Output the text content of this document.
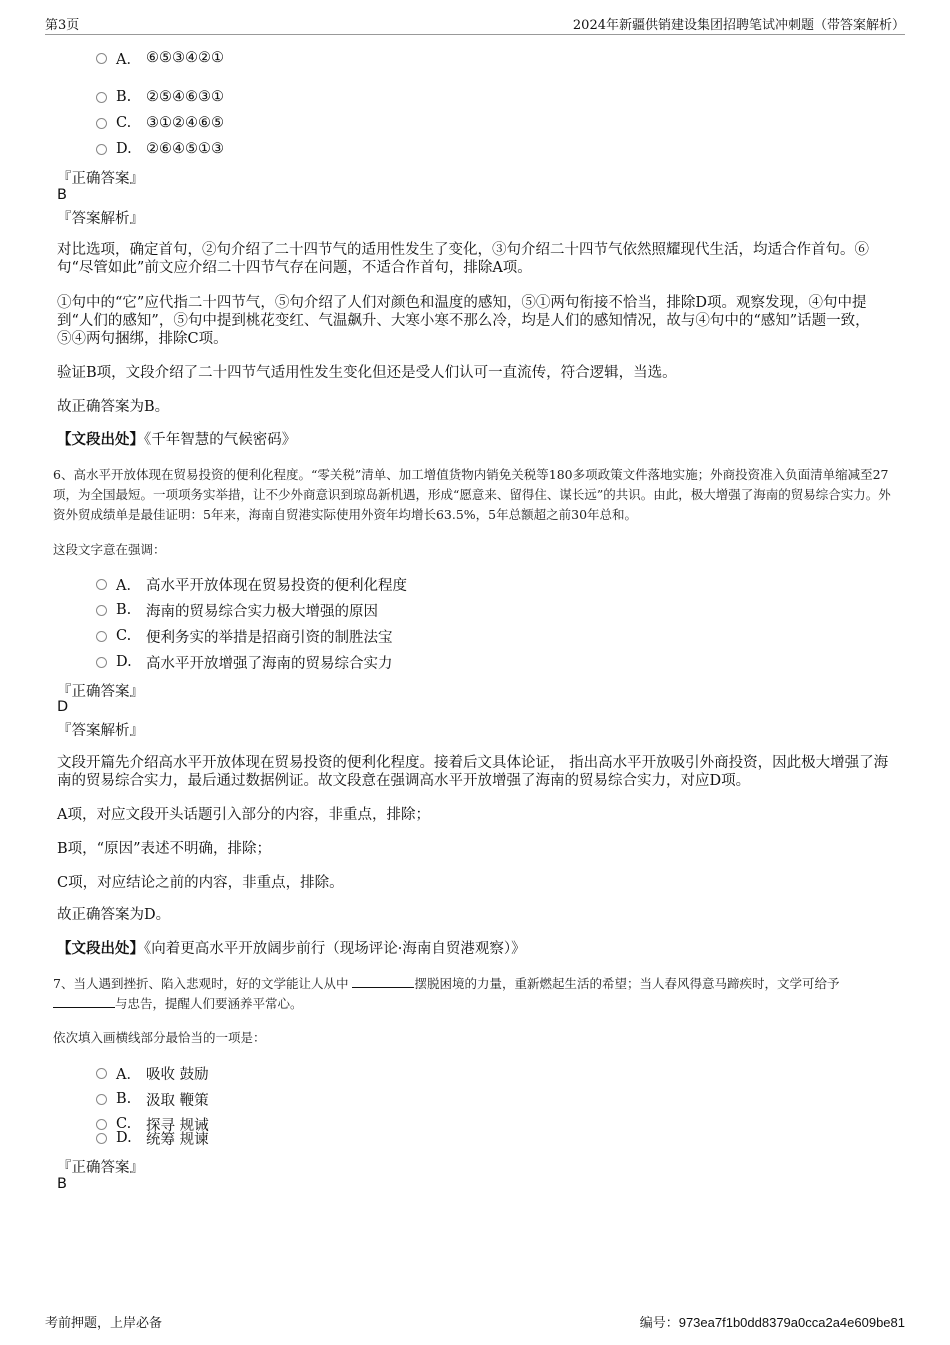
第3页	2024年新疆供销建设集团招聘笔试冲刺题（带答案解析）
A． ⑥⑤③④②①
B.	②⑤④⑥③①
C.	③①②④⑥⑤
D. ②⑥④⑤①③
『正确答案』
B
『答案解析』
对比选项，确定首句，②句介绍了二十四节气的适用性发生了变化，③句介绍二十四节气依然照耀现代生活，均适合作首句。⑥句“尽管如此”前文应介绍二十四节气存在问题，不适合作首句，排除A项。
①句中的“它”应代指二十四节气，⑤句介绍了人们对颜色和温度的感知，⑤①两句衔接不恰当，排除D项。观察发现，④句中提到“人们的感知”，⑤句中提到桃花变红、气温飙升、大寒小寒不那么冷，均是人们的感知情况，故与④句中的“感知”话题一致，⑤④两句捆绑，排除C项。
验证B项，文段介绍了二十四节气适用性发生变化但还是受人们认可一直流传，符合逻辑，当选。
故正确答案为B。
【文段出处】《千年智慧的气候密码》
6、高水平开放体现在贸易投资的便利化程度。“零关税”清单、加工增值货物内销免关税等180多项政策文件落地实施；外商投资准入负面清单缩减至27项，为全国最短。一项项务实举措，让不少外商意识到琼岛新机遇，形成“愿意来、留得住、谋长远”的共识。由此，极大增强了海南的贸易综合实力。外资外贸成绩单是最佳证明：5年来，海南自贸港实际使用外资年均增长63.5%，5年总额超之前30年总和。
这段文字意在强调：
A． 高水平开放体现在贸易投资的便利化程度
B.	海南的贸易综合实力极大增强的原因
C.	便利务实的举措是招商引资的制胜法宝
D. 高水平开放增强了海南的贸易综合实力
『正确答案』
D
『答案解析』
文段开篇先介绍高水平开放体现在贸易投资的便利化程度。接着后文具体论证， 指出高水平开放吸引外商投资，因此极大增强了海南的贸易综合实力，最后通过数据例证。故文段意在强调高水平开放增强了海南的贸易综合实力，对应D项。
A项，对应文段开头话题引入部分的内容，非重点，排除；
B项，“原因”表述不明确，排除；
C项，对应结论之前的内容，非重点，排除。
故正确答案为D。
【文段出处】《向着更高水平开放阔步前行（现场评论·海南自贸港观察）》
7、当人遇到挫折、陷入悲观时，好的文学能让人从中	摆脱困境的力量，重新燃起生活的希望；当人春风得意马蹄疾时，文学可给予与忠告，提醒人们要涵养平常心。
依次填入画横线部分最恰当的一项是：
A． 吸收 鼓励
B.	汲取 鞭策
C.	探寻 规诫
D. 统筹 规谏
『正确答案』
B
考前押题，上岸必备	编号：973ea7f1b0dd8379a0cca2a4e609be81
